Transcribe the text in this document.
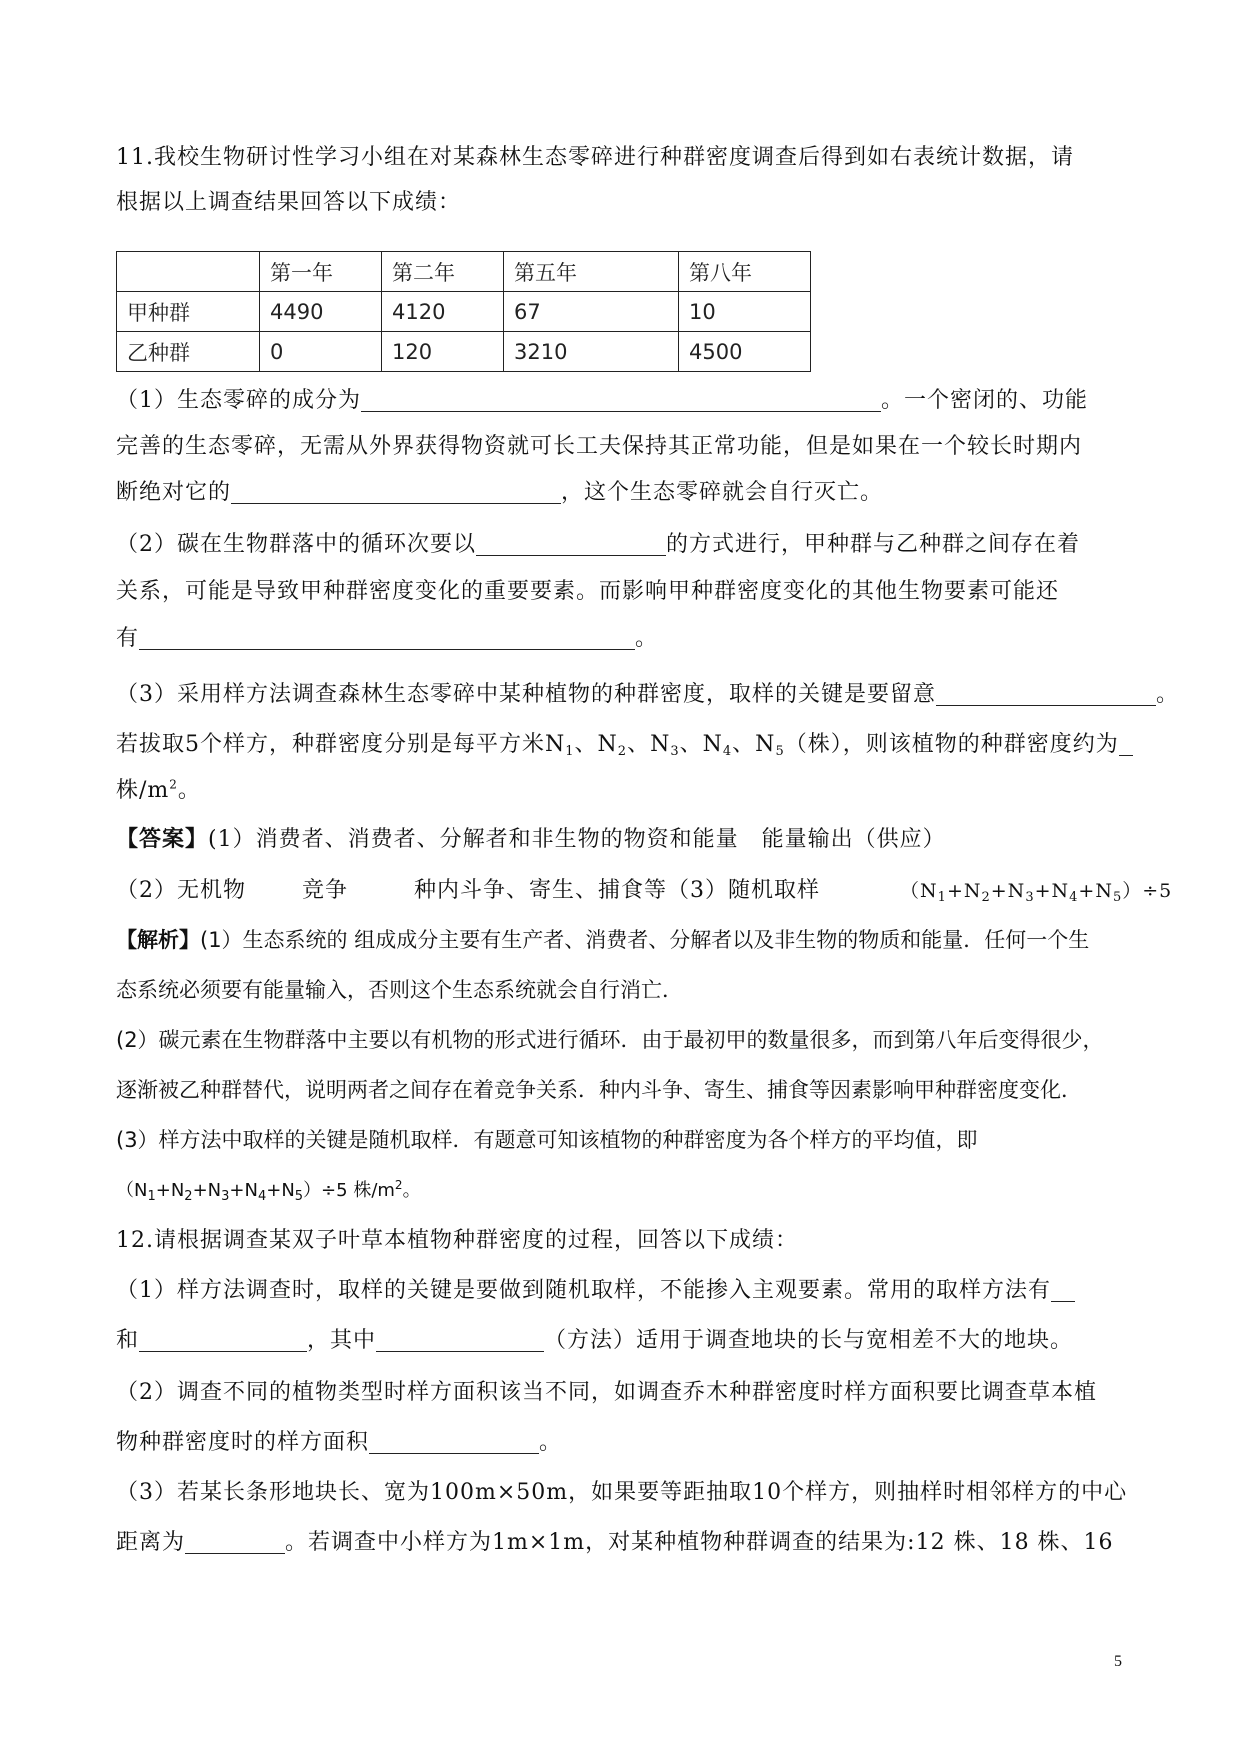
11.我校生物研讨性学习小组在对某森林生态零碎进行种群密度调查后得到如右表统计数据，请
根据以上调查结果回答以下成绩：
	第一年	第二年	第五年	第八年
甲种群	4490	4120	67	10
乙种群	0	120	3210	4500
（1）生态零碎的成分为	。一个密闭的、功能
完善的生态零碎，无需从外界获得物资就可长工夫保持其正常功能，但是如果在一个较长时期内
断绝对它的	，这个生态零碎就会自行灭亡。
（2）碳在生物群落中的循环次要以	的方式进行，甲种群与乙种群之间存在着
关系，可能是导致甲种群密度变化的重要要素。而影响甲种群密度变化的其他生物要素可能还
有	。
（3）采用样方法调查森林生态零碎中某种植物的种群密度，取样的关键是要留意	。
若拔取5个样方，种群密度分别是每平方米$N_1$、$N_2$、$N_3$、$N_4$、$N_5$（株），则该植物的种群密度约为
株$/m^2$。
【答案】(1）消费者、消费者、分解者和非生物的物资和能量　能量输出（供应）
（2）无机物	竞争	种内斗争、寄生、捕食等（3）随机取样	$(N_1+N_2+N_3+N_4+N_5)\div 5$
【解析】(1）生态系统的 组成成分主要有生产者、消费者、分解者以及非生物的物质和能量．任何一个生
态系统必须要有能量输入，否则这个生态系统就会自行消亡．
(2）碳元素在生物群落中主要以有机物的形式进行循环．由于最初甲的数量很多，而到第八年后变得很少，
逐渐被乙种群替代，说明两者之间存在着竞争关系．种内斗争、寄生、捕食等因素影响甲种群密度变化．
(3）样方法中取样的关键是随机取样．有题意可知该植物的种群密度为各个样方的平均值，即
$(N_1+N_2+N_3+N_4+N_5)\div 5$ 株$/m^2$。
12.请根据调查某双子叶草本植物种群密度的过程，回答以下成绩：
（1）样方法调查时，取样的关键是要做到随机取样，不能掺入主观要素。常用的取样方法有
和	，其中	（方法）适用于调查地块的长与宽相差不大的地块。
（2）调查不同的植物类型时样方面积该当不同，如调查乔木种群密度时样方面积要比调查草本植
物种群密度时的样方面积	。
（3）若某长条形地块长、宽为100m×50m，如果要等距抽取10个样方，则抽样时相邻样方的中心
距离为	。若调查中小样方为1m×1m，对某种植物种群调查的结果为:12 株、18 株、16
5
